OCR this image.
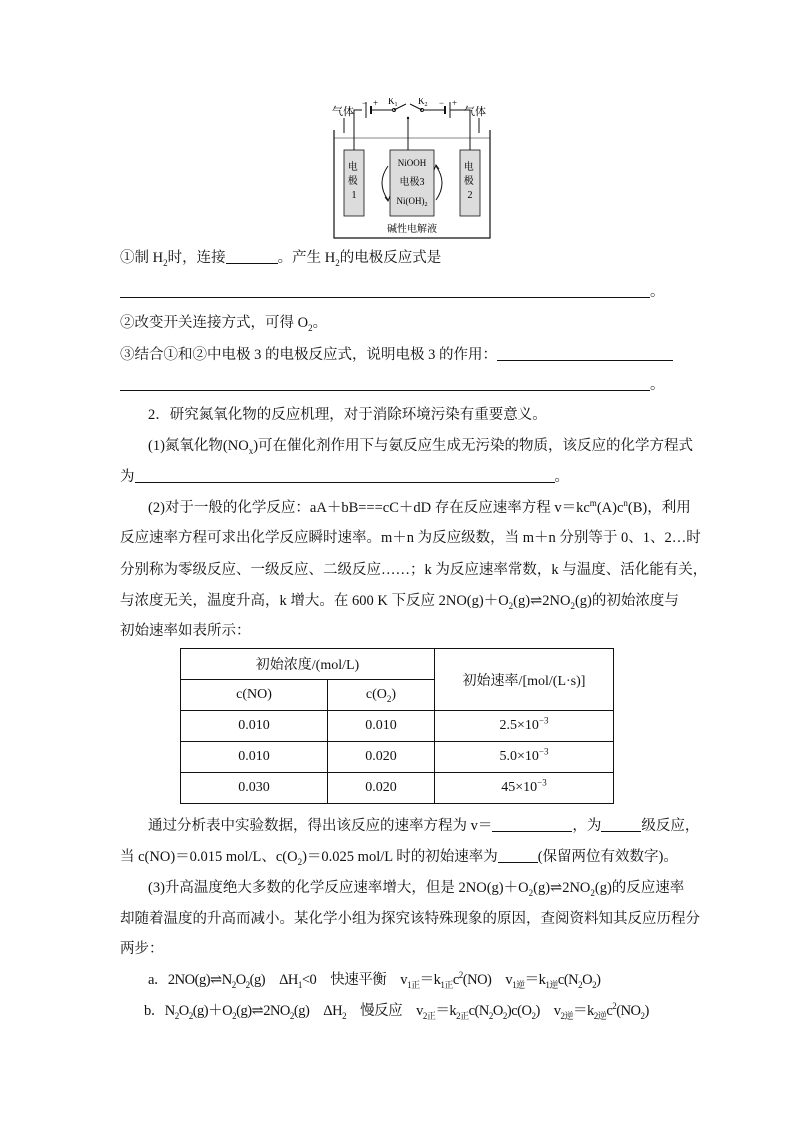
气体	气体
− + $K_1$ $K_2$ − +
电 极 1
NiOOH
电极3
$Ni(OH)_2$
电 极 2
碱性电解液
①制 $H_2$时，连接	。产生 $H_2$的电极反应式是
。
②改变开关连接方式，可得 $O_2$。
③结合①和②中电极 3 的电极反应式，说明电极 3 的作用：
。
2．研究氮氧化物的反应机理，对于消除环境污染有重要意义。
(1)氮氧化物$(NO_x)$可在催化剂作用下与氨反应生成无污染的物质，该反应的化学方程式
为	。
(2)对于一般的化学反应：aA＋bB===cC＋dD 存在反应速率方程 $v=kc^m(A)c^n(B)$，利用
反应速率方程可求出化学反应瞬时速率。m＋n 为反应级数，当 m＋n 分别等于 0、1、2…时
分别称为零级反应、一级反应、二级反应……；k 为反应速率常数，k 与温度、活化能有关，
与浓度无关，温度升高，k 增大。在 600 K 下反应 $2NO(g)+O_2(g)\rightleftharpoons 2NO_2(g)$的初始浓度与
初始速率如表所示：
初始浓度/(mol/L)		初始速率/[mol/(L·s)]
c(NO)	$c(O_2)$	
0.010	0.010	$2.5\times 10^{-3}$
0.010	0.020	$5.0\times 10^{-3}$
0.030	0.020	$45\times 10^{-3}$
通过分析表中实验数据，得出该反应的速率方程为 v＝	，为	级反应，
当 c(NO)＝0.015 mol/L、$c(O_2)=0.025$ mol/L 时的初始速率为	(保留两位有效数字)。
(3)升高温度绝大多数的化学反应速率增大，但是 $2NO(g)+O_2(g)\rightleftharpoons 2NO_2(g)$的反应速率
却随着温度的升高而减小。某化学小组为探究该特殊现象的原因，查阅资料知其反应历程分
两步：
a．$2NO(g)\rightleftharpoons N_2O_2(g)$　$\Delta H_1<0$　快速平衡　$v_{1正}=k_{1正}c^2(NO)$　$v_{1逆}=k_{1逆}c(N_2O_2)$
b．$N_2O_2(g)+O_2(g)\rightleftharpoons 2NO_2(g)$　$\Delta H_2$　慢反应　$v_{2正}=k_{2正}c(N_2O_2)c(O_2)$　$v_{2逆}=k_{2逆}c^2(NO_2)$
